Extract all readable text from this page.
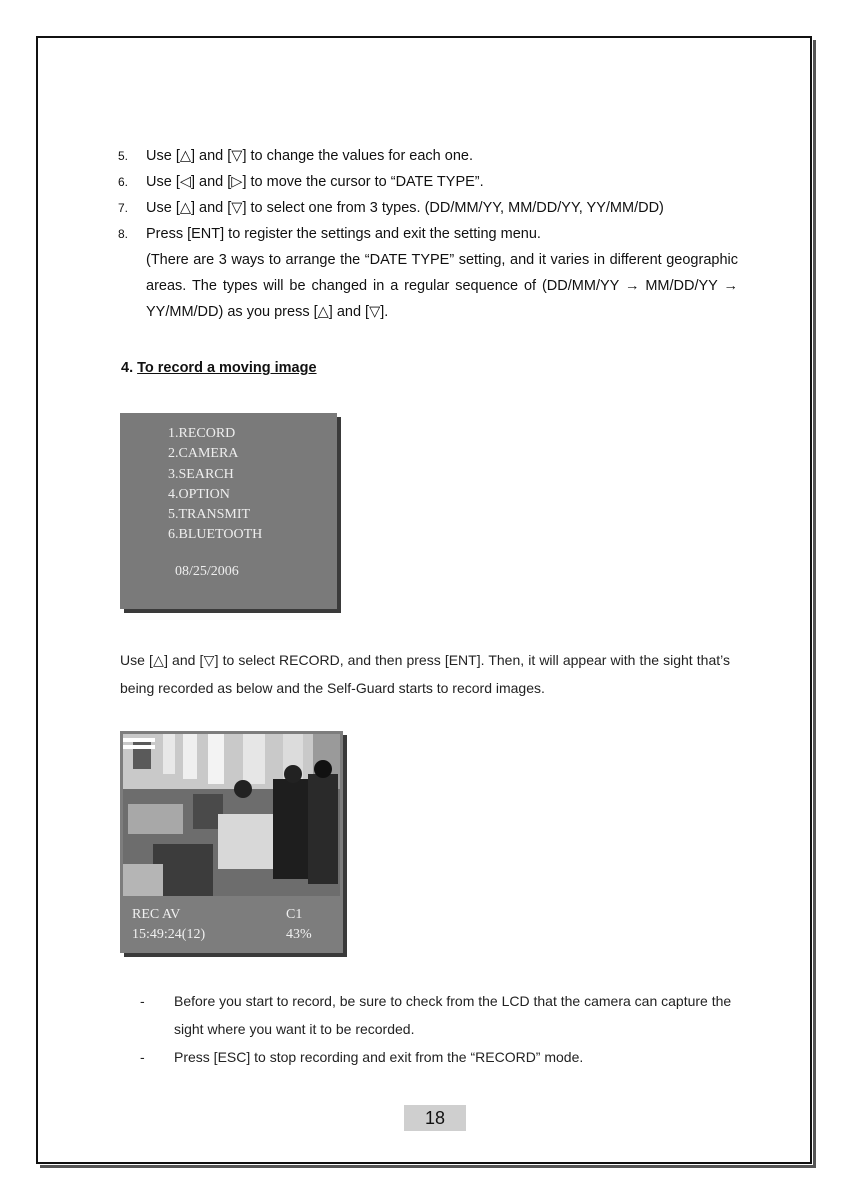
5.	Use [△] and [▽] to change the values for each one.
6.	Use [◁] and [▷] to move the cursor to “DATE TYPE”.
7.	Use [△] and [▽] to select one from 3 types. (DD/MM/YY, MM/DD/YY, YY/MM/DD)
8.	Press [ENT] to register the settings and exit the setting menu.
(There are 3 ways to arrange the “DATE TYPE” setting, and it varies in different geographic areas. The types will be changed in a regular sequence of (DD/MM/YY → MM/DD/YY → YY/MM/DD) as you press [△] and [▽].
4. To record a moving image
1.RECORD
2.CAMERA
3.SEARCH
4.OPTION
5.TRANSMIT
6.BLUETOOTH
08/25/2006
Use [△] and [▽] to select RECORD, and then press [ENT]. Then, it will appear with the sight that’s being recorded as below and the Self-Guard starts to record images.
REC AV	C1
15:49:24(12)	43%
-	Before you start to record, be sure to check from the LCD that the camera can capture the sight where you want it to be recorded.
-	Press [ESC] to stop recording and exit from the “RECORD” mode.
18
